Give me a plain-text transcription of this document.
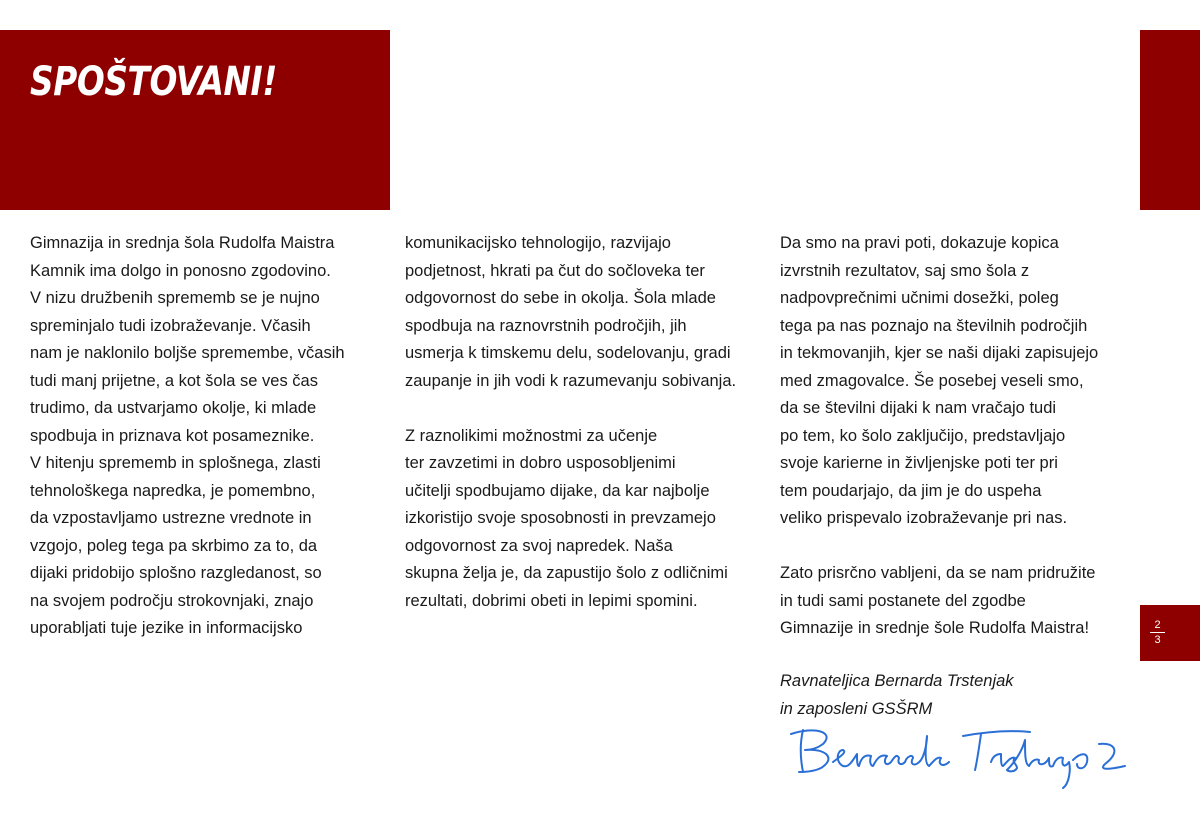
SPOŠTOVANI!
2
3
Gimnazija in srednja šola Rudolfa Maistra
Kamnik ima dolgo in ponosno zgodovino.
V nizu družbenih sprememb se je nujno
spreminjalo tudi izobraževanje. Včasih
nam je naklonilo boljše spremembe, včasih
tudi manj prijetne, a kot šola se ves čas
trudimo, da ustvarjamo okolje, ki mlade
spodbuja in priznava kot posameznike.
V hitenju sprememb in splošnega, zlasti
tehnološkega napredka, je pomembno,
da vzpostavljamo ustrezne vrednote in
vzgojo, poleg tega pa skrbimo za to, da
dijaki pridobijo splošno razgledanost, so
na svojem področju strokovnjaki, znajo
uporabljati tuje jezike in informacijsko
komunikacijsko tehnologijo, razvijajo
podjetnost, hkrati pa čut do sočloveka ter
odgovornost do sebe in okolja. Šola mlade
spodbuja na raznovrstnih področjih, jih
usmerja k timskemu delu, sodelovanju, gradi
zaupanje in jih vodi k razumevanju sobivanja.
Z raznolikimi možnostmi za učenje
ter zavzetimi in dobro usposobljenimi
učitelji spodbujamo dijake, da kar najbolje
izkoristijo svoje sposobnosti in prevzamejo
odgovornost za svoj napredek. Naša
skupna želja je, da zapustijo šolo z odličnimi
rezultati, dobrimi obeti in lepimi spomini.
Da smo na pravi poti, dokazuje kopica
izvrstnih rezultatov, saj smo šola z
nadpovprečnimi učnimi dosežki, poleg
tega pa nas poznajo na številnih področjih
in tekmovanjih, kjer se naši dijaki zapisujejo
med zmagovalce. Še posebej veseli smo,
da se številni dijaki k nam vračajo tudi
po tem, ko šolo zaključijo, predstavljajo
svoje karierne in življenjske poti ter pri
tem poudarjajo, da jim je do uspeha
veliko prispevalo izobraževanje pri nas.
Zato prisrčno vabljeni, da se nam pridružite
in tudi sami postanete del zgodbe
Gimnazije in srednje šole Rudolfa Maistra!
Ravnateljica Bernarda Trstenjak
in zaposleni GSŠRM
